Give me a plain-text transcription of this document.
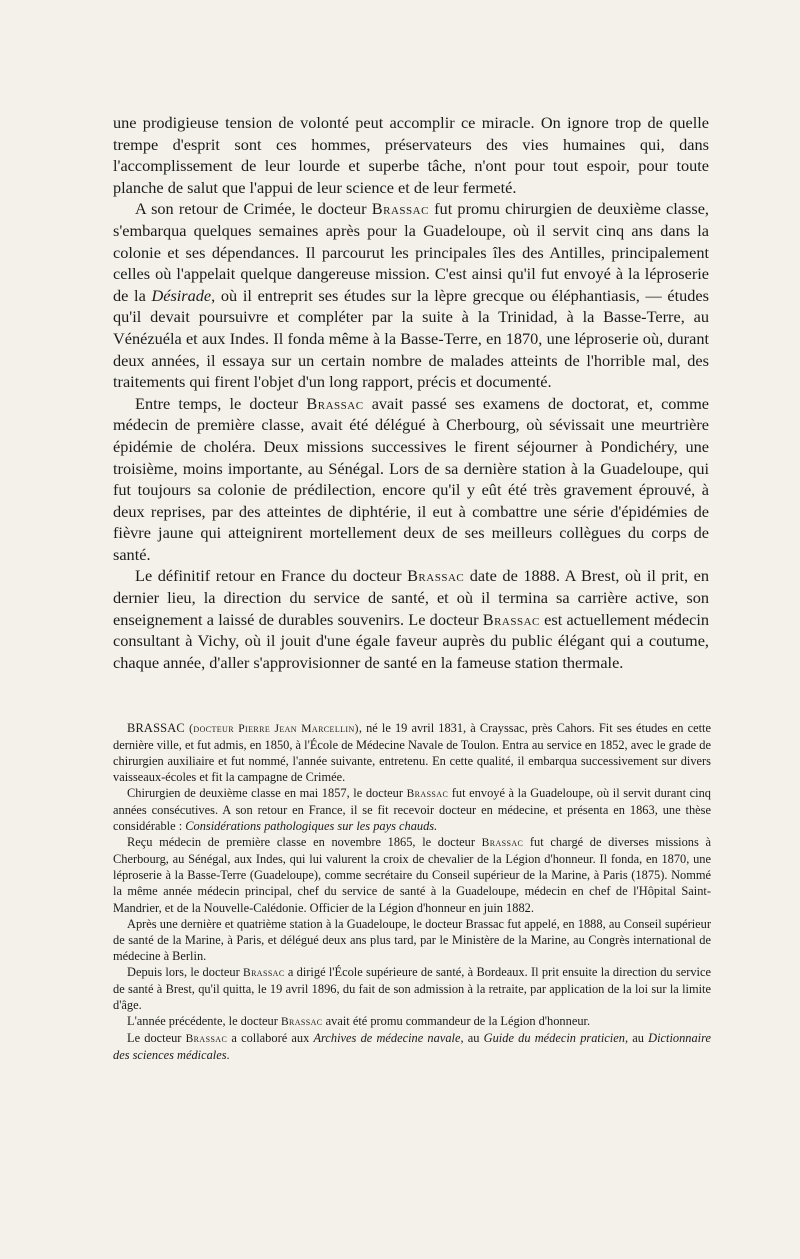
une prodigieuse tension de volonté peut accomplir ce miracle. On ignore trop de quelle trempe d'esprit sont ces hommes, préservateurs des vies humaines qui, dans l'accomplissement de leur lourde et superbe tâche, n'ont pour tout espoir, pour toute planche de salut que l'appui de leur science et de leur fermeté.

A son retour de Crimée, le docteur Brassac fut promu chirurgien de deuxième classe, s'embarqua quelques semaines après pour la Guadeloupe, où il servit cinq ans dans la colonie et ses dépendances. Il parcourut les principales îles des Antilles, principalement celles où l'appelait quelque dangereuse mission. C'est ainsi qu'il fut envoyé à la léproserie de la Désirade, où il entreprit ses études sur la lèpre grecque ou éléphantiasis, — études qu'il devait poursuivre et compléter par la suite à la Trinidad, à la Basse-Terre, au Vénézuéla et aux Indes. Il fonda même à la Basse-Terre, en 1870, une léproserie où, durant deux années, il essaya sur un certain nombre de malades atteints de l'horrible mal, des traitements qui firent l'objet d'un long rapport, précis et documenté.

Entre temps, le docteur Brassac avait passé ses examens de doctorat, et, comme médecin de première classe, avait été délégué à Cherbourg, où sévissait une meurtrière épidémie de choléra. Deux missions successives le firent séjourner à Pondichéry, une troisième, moins importante, au Sénégal. Lors de sa dernière station à la Guadeloupe, qui fut toujours sa colonie de prédilection, encore qu'il y eût été très gravement éprouvé, à deux reprises, par des atteintes de diphtérie, il eut à combattre une série d'épidémies de fièvre jaune qui atteignirent mortellement deux de ses meilleurs collègues du corps de santé.

Le définitif retour en France du docteur Brassac date de 1888. A Brest, où il prit, en dernier lieu, la direction du service de santé, et où il termina sa carrière active, son enseignement a laissé de durables souvenirs. Le docteur Brassac est actuellement médecin consultant à Vichy, où il jouit d'une égale faveur auprès du public élégant qui a coutume, chaque année, d'aller s'approvisionner de santé en la fameuse station thermale.

BRASSAC (docteur Pierre Jean Marcellin), né le 19 avril 1831, à Crayssac, près Cahors. Fit ses études en cette dernière ville, et fut admis, en 1850, à l'École de Médecine Navale de Toulon. Entra au service en 1852, avec le grade de chirurgien auxiliaire et fut nommé, l'année suivante, entretenu. En cette qualité, il embarqua successivement sur divers vaisseaux-écoles et fit la campagne de Crimée.

Chirurgien de deuxième classe en mai 1857, le docteur Brassac fut envoyé à la Guadeloupe, où il servit durant cinq années consécutives. A son retour en France, il se fit recevoir docteur en médecine, et présenta en 1863, une thèse considérable : Considérations pathologiques sur les pays chauds.

Reçu médecin de première classe en novembre 1865, le docteur Brassac fut chargé de diverses missions à Cherbourg, au Sénégal, aux Indes, qui lui valurent la croix de chevalier de la Légion d'honneur. Il fonda, en 1870, une léproserie à la Basse-Terre (Guadeloupe), comme secrétaire du Conseil supérieur de la Marine, à Paris (1875). Nommé la même année médecin principal, chef du service de santé à la Guadeloupe, médecin en chef de l'Hôpital Saint-Mandrier, et de la Nouvelle-Calédonie. Officier de la Légion d'honneur en juin 1882.

Après une dernière et quatrième station à la Guadeloupe, le docteur Brassac fut appelé, en 1888, au Conseil supérieur de santé de la Marine, à Paris, et délégué deux ans plus tard, par le Ministère de la Marine, au Congrès international de médecine à Berlin.

Depuis lors, le docteur Brassac a dirigé l'École supérieure de santé, à Bordeaux. Il prit ensuite la direction du service de santé à Brest, qu'il quitta, le 19 avril 1896, du fait de son admission à la retraite, par application de la loi sur la limite d'âge.

L'année précédente, le docteur Brassac avait été promu commandeur de la Légion d'honneur.

Le docteur Brassac a collaboré aux Archives de médecine navale, au Guide du médecin praticien, au Dictionnaire des sciences médicales.
